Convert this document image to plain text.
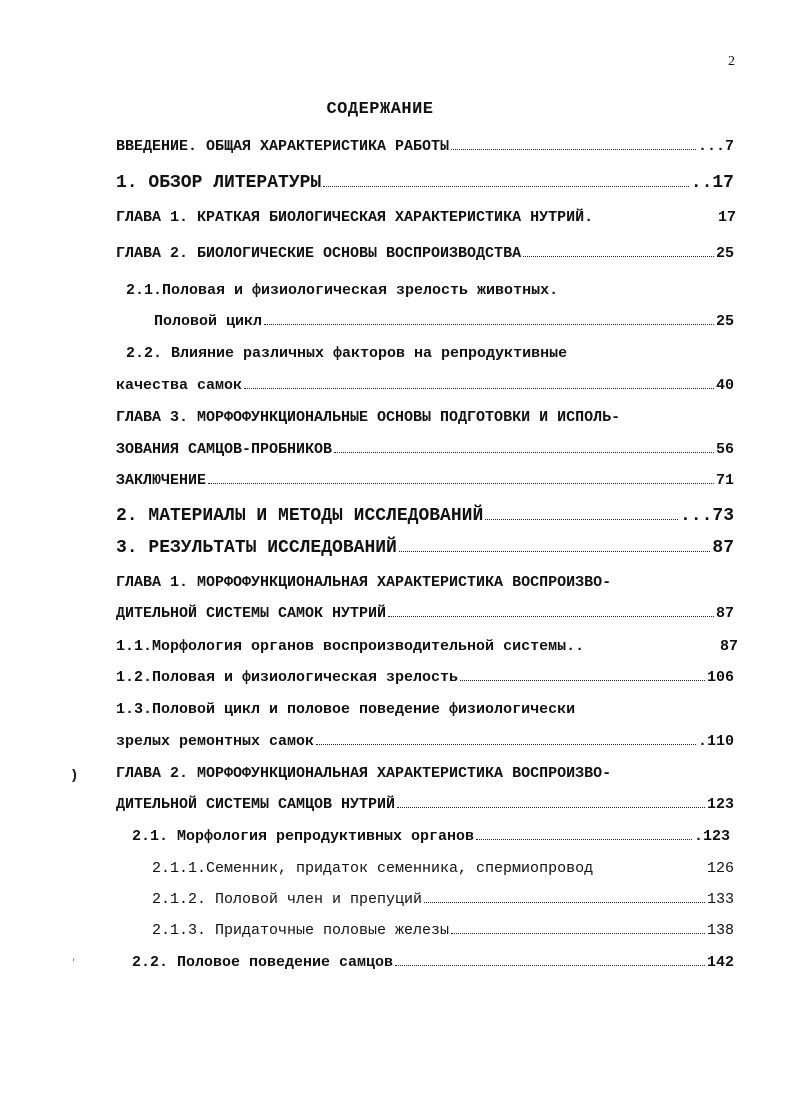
2
СОДЕРЖАНИЕ
ВВЕДЕНИЕ. ОБЩАЯ ХАРАКТЕРИСТИКА РАБОТЫ	...7
1. ОБЗОР ЛИТЕРАТУРЫ	..17
ГЛАВА 1. КРАТКАЯ БИОЛОГИЧЕСКАЯ ХАРАКТЕРИСТИКА НУТРИЙ.	17
ГЛАВА 2. БИОЛОГИЧЕСКИЕ ОСНОВЫ ВОСПРОИЗВОДСТВА	25
2.1.Половая и физиологическая зрелость животных.
Половой цикл	25
2.2. Влияние различных факторов на репродуктивные
качества самок	40
ГЛАВА 3. МОРФОФУНКЦИОНАЛЬНЫЕ ОСНОВЫ ПОДГОТОВКИ И ИСПОЛЬ-
ЗОВАНИЯ САМЦОВ-ПРОБНИКОВ	56
ЗАКЛЮЧЕНИЕ	71
2. МАТЕРИАЛЫ И МЕТОДЫ ИССЛЕДОВАНИЙ	...73
3. РЕЗУЛЬТАТЫ ИССЛЕДОВАНИЙ	87
ГЛАВА 1. МОРФОФУНКЦИОНАЛЬНАЯ ХАРАКТЕРИСТИКА ВОСПРОИЗВО-
ДИТЕЛЬНОЙ СИСТЕМЫ САМОК НУТРИЙ	87
1.1.Морфология органов воспроизводительной системы..	87
1.2.Половая и физиологическая зрелость	106
1.3.Половой цикл и половое поведение физиологически
зрелых ремонтных самок	.110
ГЛАВА 2. МОРФОФУНКЦИОНАЛЬНАЯ ХАРАКТЕРИСТИКА ВОСПРОИЗВО-
ДИТЕЛЬНОЙ СИСТЕМЫ САМЦОВ НУТРИЙ	123
2.1. Морфология репродуктивных органов	.123
2.1.1.Семенник, придаток семенника, спермиопровод	126
2.1.2. Половой член и препуций	133
2.1.3. Придаточные половые железы	138
2.2. Половое поведение самцов	142
)
'
